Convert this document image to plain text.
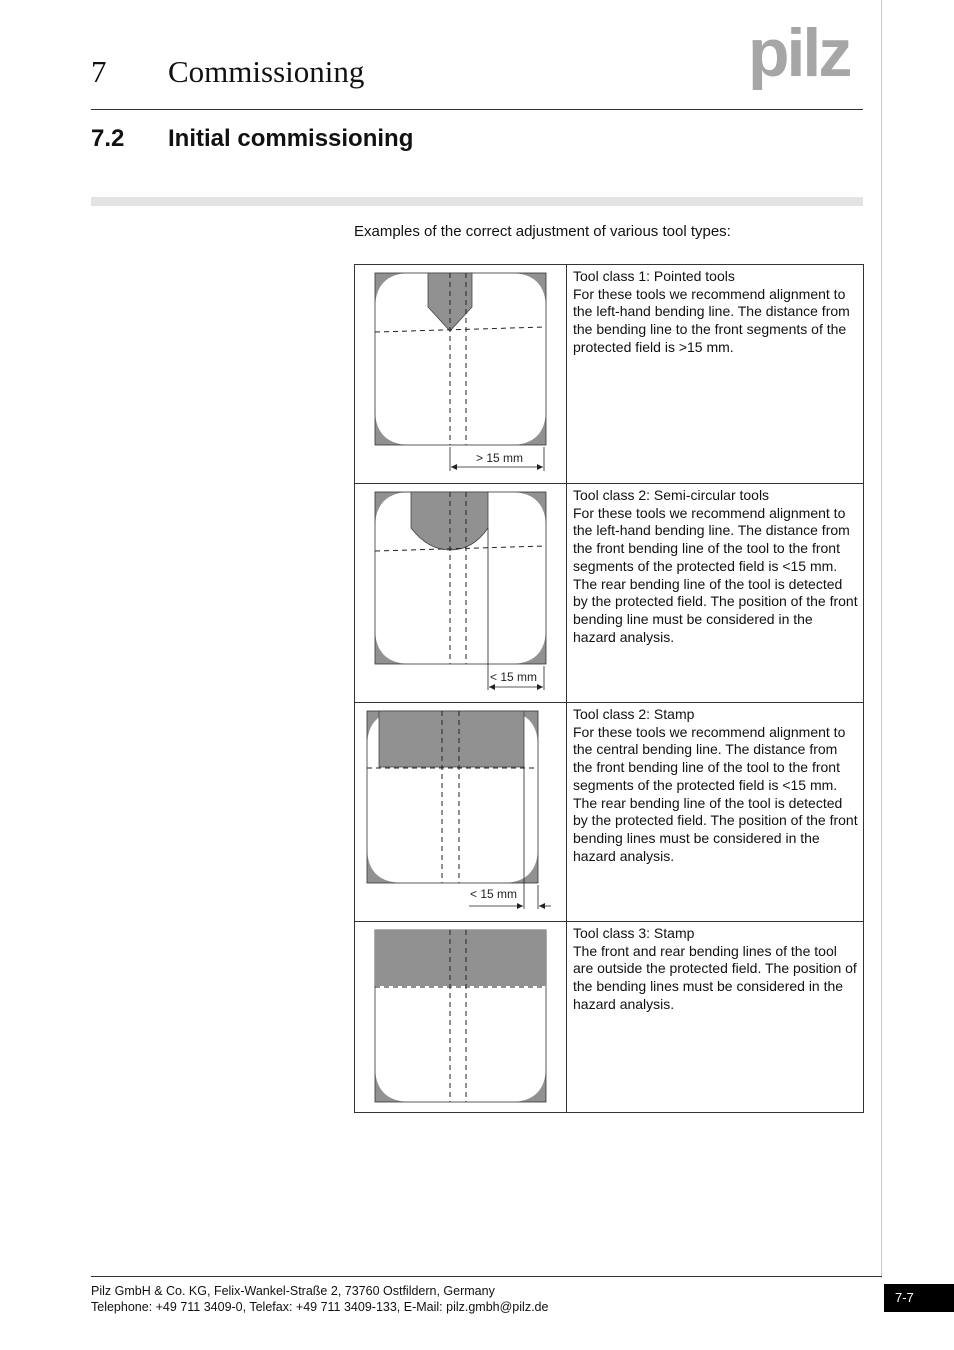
7 Commissioning	pilz
7.2 Initial commissioning
Examples of the correct adjustment of various tool types:
> 15 mm	Tool class 1: Pointed tools
For these tools we recommend alignment to the left-hand bending line. The distance from the bending line to the front segments of the protected field is >15 mm.

< 15 mm	Tool class 2: Semi-circular tools
For these tools we recommend alignment to the left-hand bending line. The distance from the front bending line of the tool to the front segments of the protected field is <15 mm. The rear bending line of the tool is detected by the protected field. The position of the front bending line must be considered in the hazard analysis.

< 15 mm	Tool class 2: Stamp
For these tools we recommend alignment to the central bending line. The distance from the front bending line of the tool to the front segments of the protected field is <15 mm. The rear bending line of the tool is detected by the protected field. The position of the front bending lines must be considered in the hazard analysis.

Tool class 3: Stamp
The front and rear bending lines of the tool are outside the protected field. The position of the bending lines must be considered in the hazard analysis.
Pilz GmbH & Co. KG, Felix-Wankel-Straße 2, 73760 Ostfildern, Germany
Telephone: +49 711 3409-0, Telefax: +49 711 3409-133, E-Mail: pilz.gmbh@pilz.de
7-7
